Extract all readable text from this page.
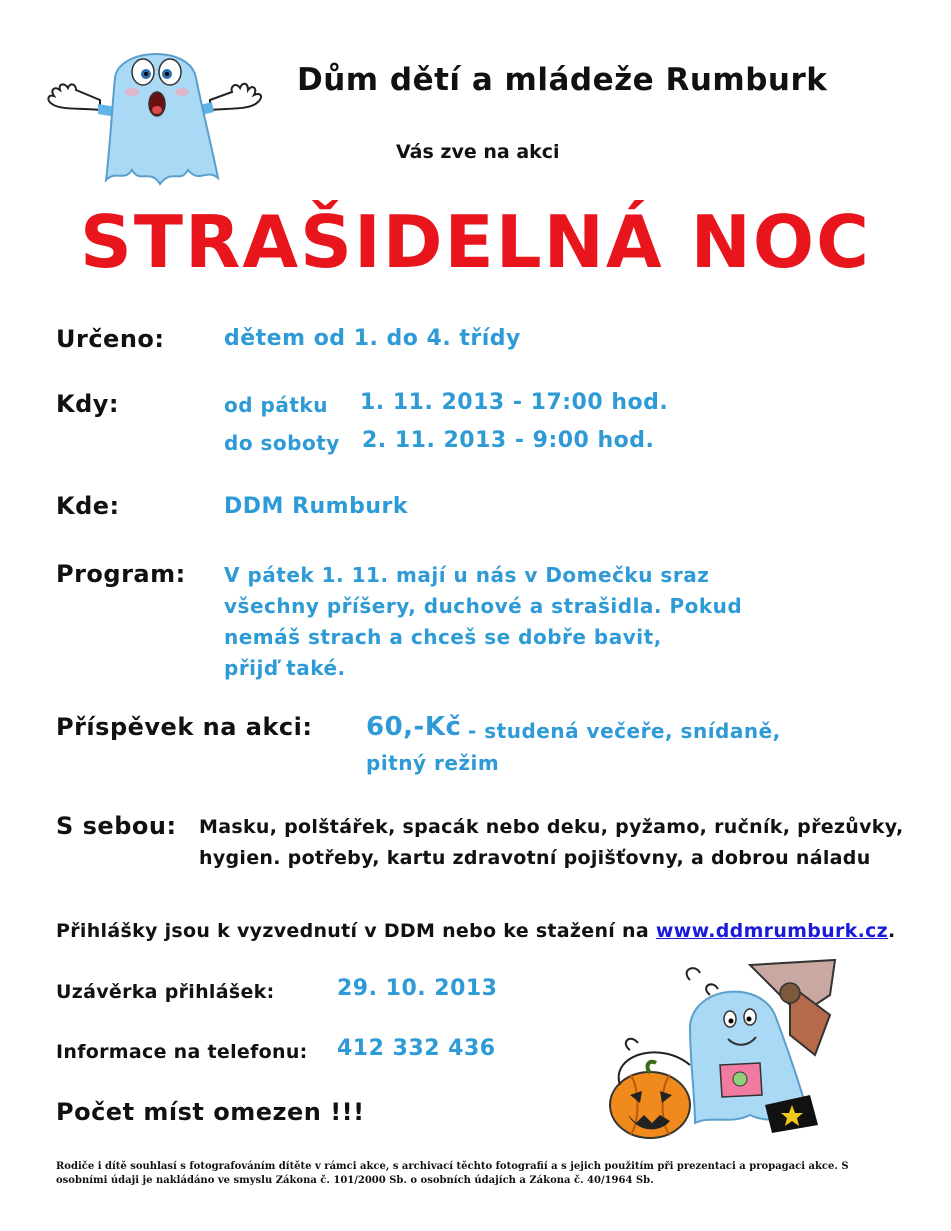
Dům dětí a mládeže Rumburk
Vás zve na akci
STRAŠIDELNÁ NOC
Určeno:	dětem od 1. do 4. třídy
Kdy:	od pátku 1. 11. 2013 - 17:00 hod.
do soboty 2. 11. 2013 - 9:00 hod.
Kde:	DDM Rumburk
Program: V pátek 1. 11. mají u nás v Domečku sraz
všechny příšery, duchové a strašidla. Pokud
nemáš strach a chceš se dobře bavit,
přijď také.
Příspěvek na akci: 60,-Kč - studená večeře, snídaně,
pitný režim
S sebou: Masku, polštářek, spacák nebo deku, pyžamo, ručník, přezůvky,
hygien. potřeby, kartu zdravotní pojišťovny, a dobrou náladu
Přihlášky jsou k vyzvednutí v DDM nebo ke stažení na www.ddmrumburk.cz.
Uzávěrka přihlášek:	29. 10. 2013
Informace na telefonu: 412 332 436
Počet míst omezen !!!
Rodiče i dítě souhlasí s fotografováním dítěte v rámci akce, s archivací těchto fotografií a s jejich použitím při prezentaci a propagaci akce. S osobními údaji je nakládáno ve smyslu Zákona č. 101/2000 Sb. o osobních údajích a Zákona č. 40/1964 Sb.
